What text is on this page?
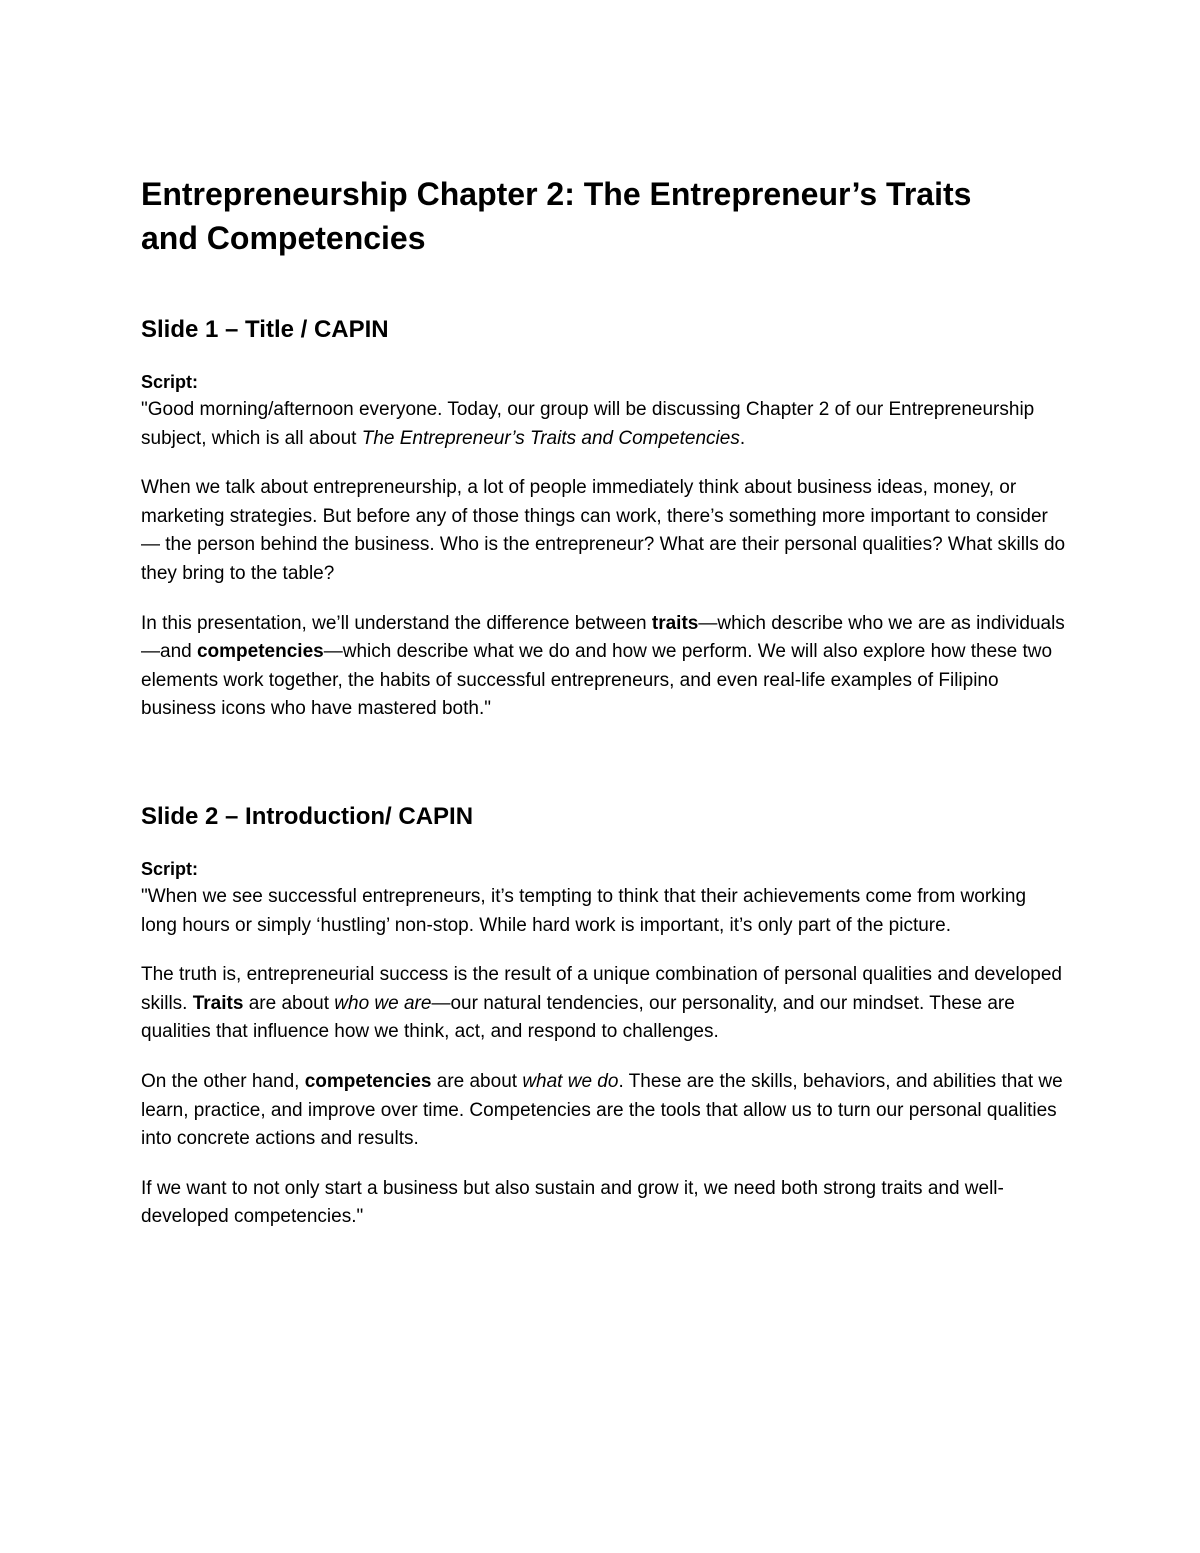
Entrepreneurship Chapter 2: The Entrepreneur’s Traits
and Competencies
Slide 1 – Title / CAPIN
Script:

"Good morning/afternoon everyone. Today, our group will be discussing Chapter 2 of our Entrepreneurship subject, which is all about The Entrepreneur’s Traits and Competencies.

When we talk about entrepreneurship, a lot of people immediately think about business ideas, money, or marketing strategies. But before any of those things can work, there’s something more important to consider — the person behind the business. Who is the entrepreneur? What are their personal qualities? What skills do they bring to the table?

In this presentation, we’ll understand the difference between traits—which describe who we are as individuals—and competencies—which describe what we do and how we perform. We will also explore how these two elements work together, the habits of successful entrepreneurs, and even real-life examples of Filipino business icons who have mastered both."

Slide 2 – Introduction/ CAPIN
Script:

"When we see successful entrepreneurs, it’s tempting to think that their achievements come from working long hours or simply ‘hustling’ non-stop. While hard work is important, it’s only part of the picture.

The truth is, entrepreneurial success is the result of a unique combination of personal qualities and developed skills. Traits are about who we are—our natural tendencies, our personality, and our mindset. These are qualities that influence how we think, act, and respond to challenges.

On the other hand, competencies are about what we do. These are the skills, behaviors, and abilities that we learn, practice, and improve over time. Competencies are the tools that allow us to turn our personal qualities into concrete actions and results.

If we want to not only start a business but also sustain and grow it, we need both strong traits and well-developed competencies."
